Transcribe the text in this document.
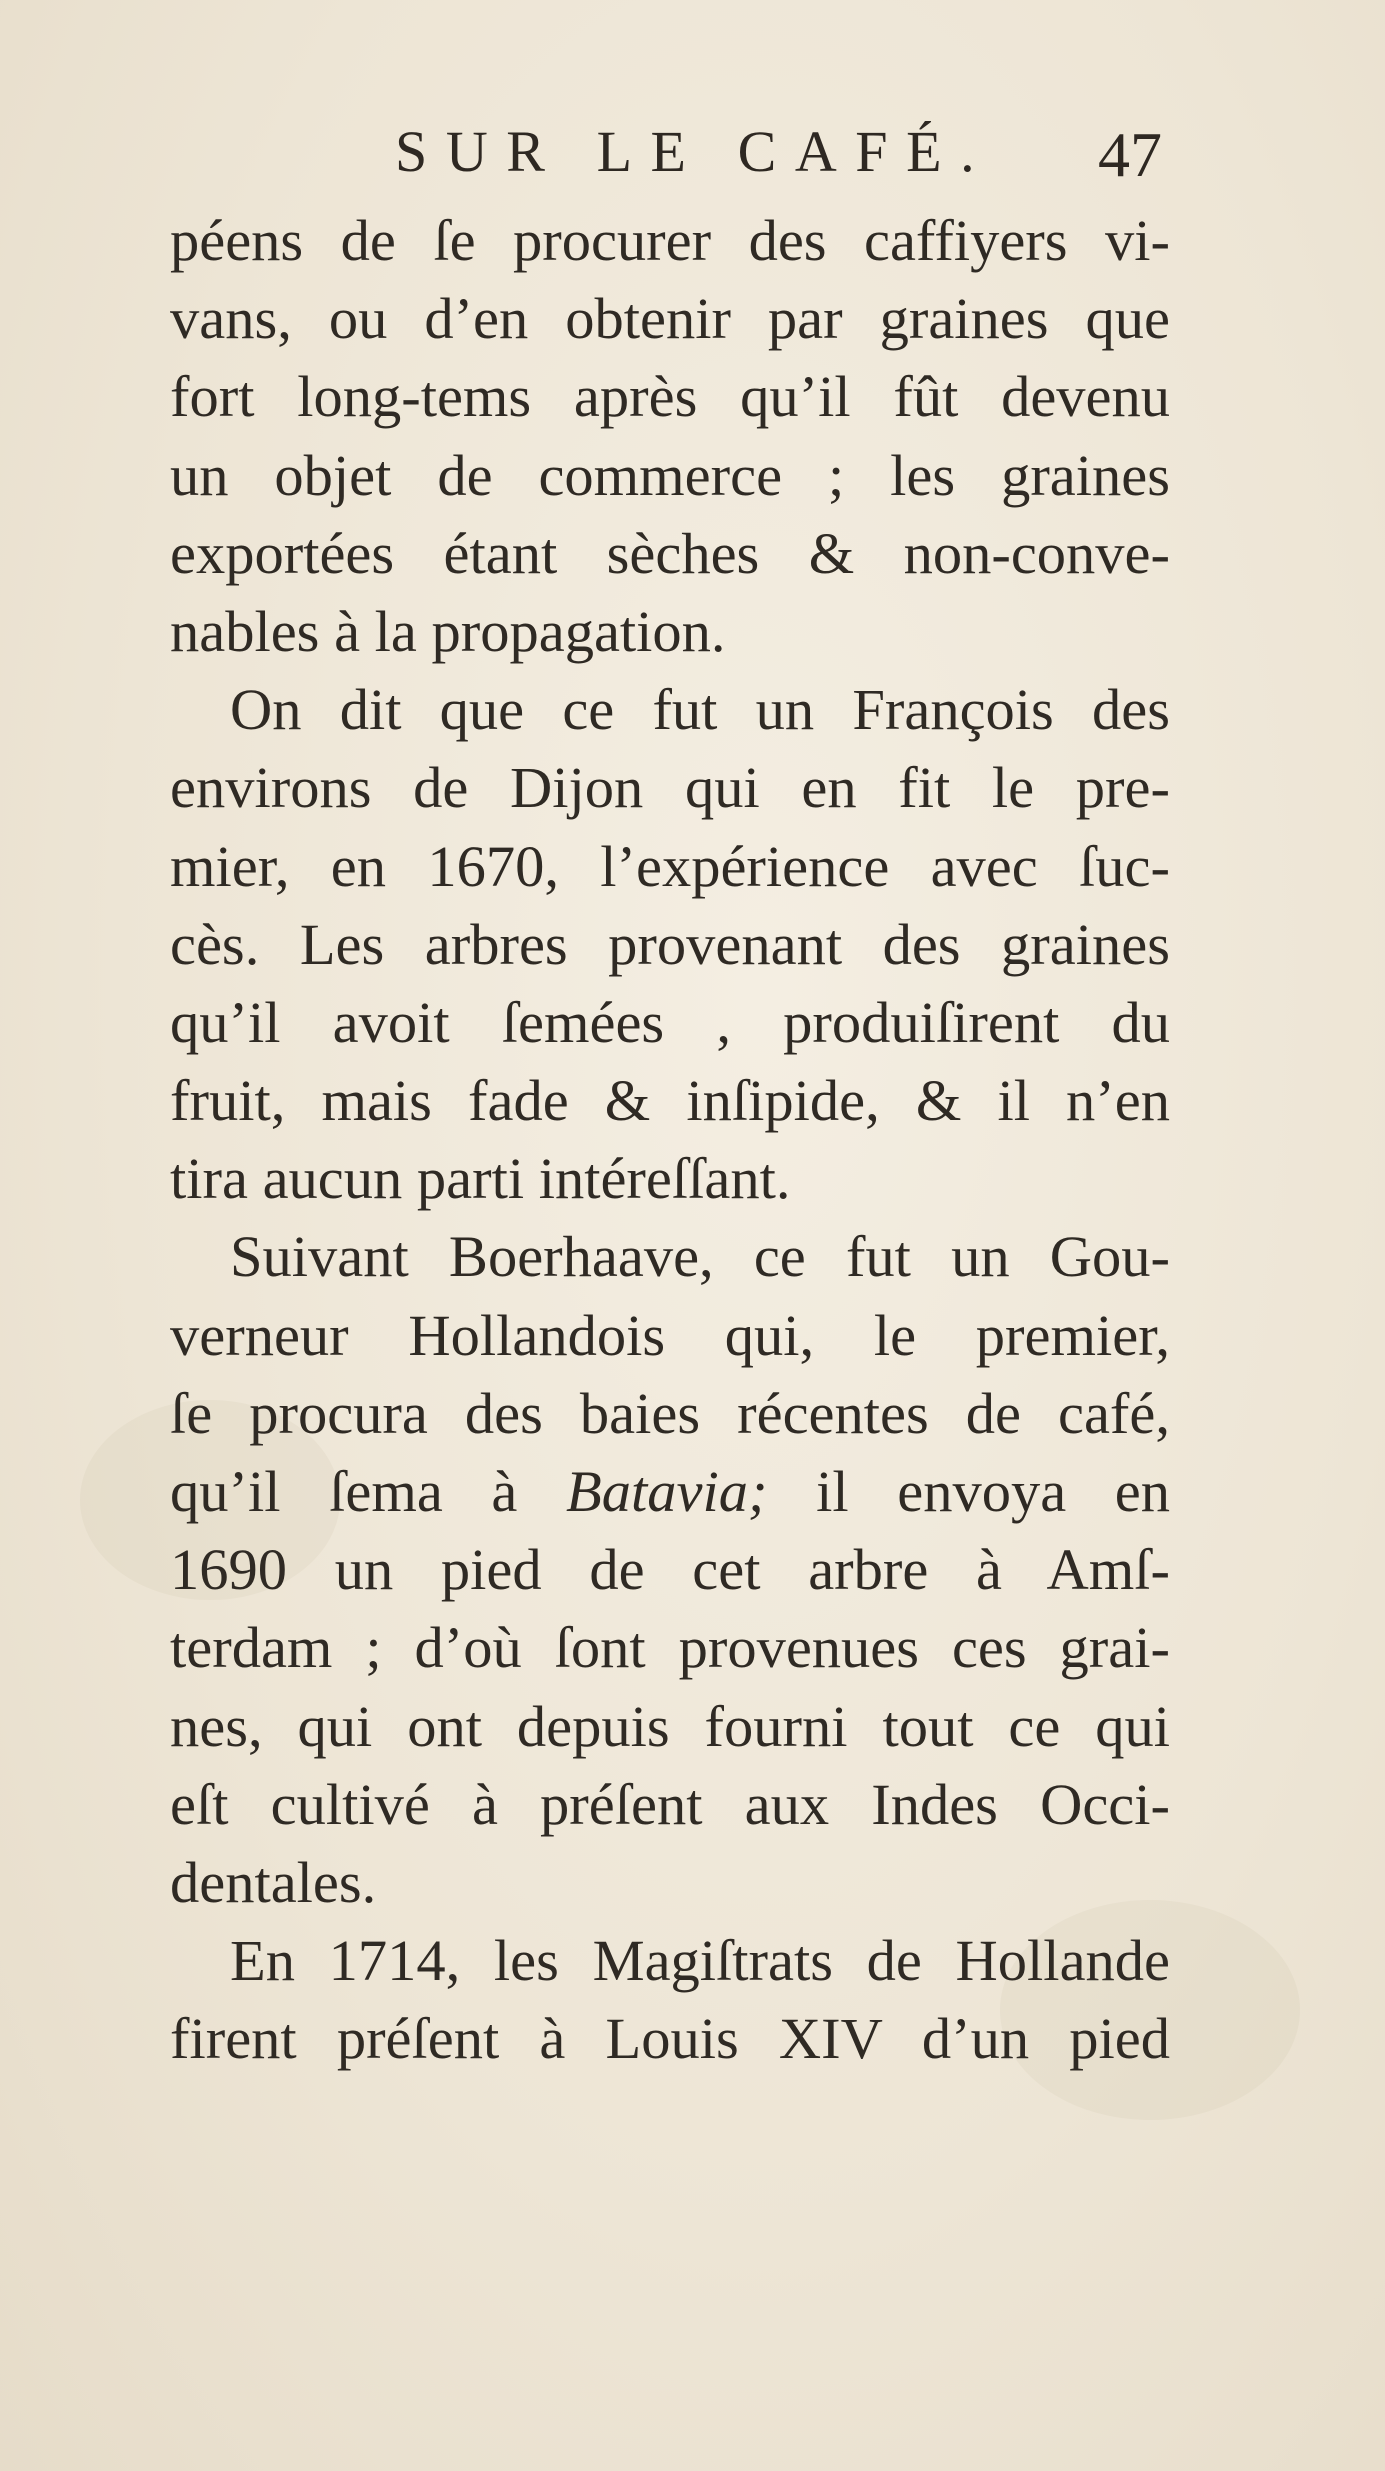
SUR LE CAFÉ. 47
péens de ſe procurer des caffiyers vi-
vans, ou d’en obtenir par graines que
fort long-tems après qu’il fût devenu
un objet de commerce ; les graines
exportées étant sèches & non-conve-
nables à la propagation.
On dit que ce fut un François des
environs de Dijon qui en fit le pre-
mier, en 1670, l’expérience avec ſuc-
cès. Les arbres provenant des graines
qu’il avoit ſemées , produiſirent du
fruit, mais fade & inſipide, & il n’en
tira aucun parti intéreſſant.
Suivant Boerhaave, ce fut un Gou-
verneur Hollandois qui, le premier,
ſe procura des baies récentes de café,
qu’il ſema à Batavia; il envoya en
1690 un pied de cet arbre à Amſ-
terdam ; d’où ſont provenues ces grai-
nes, qui ont depuis fourni tout ce qui
eſt cultivé à préſent aux Indes Occi-
dentales.
En 1714, les Magiſtrats de Hollande
firent préſent à Louis XIV d’un pied
